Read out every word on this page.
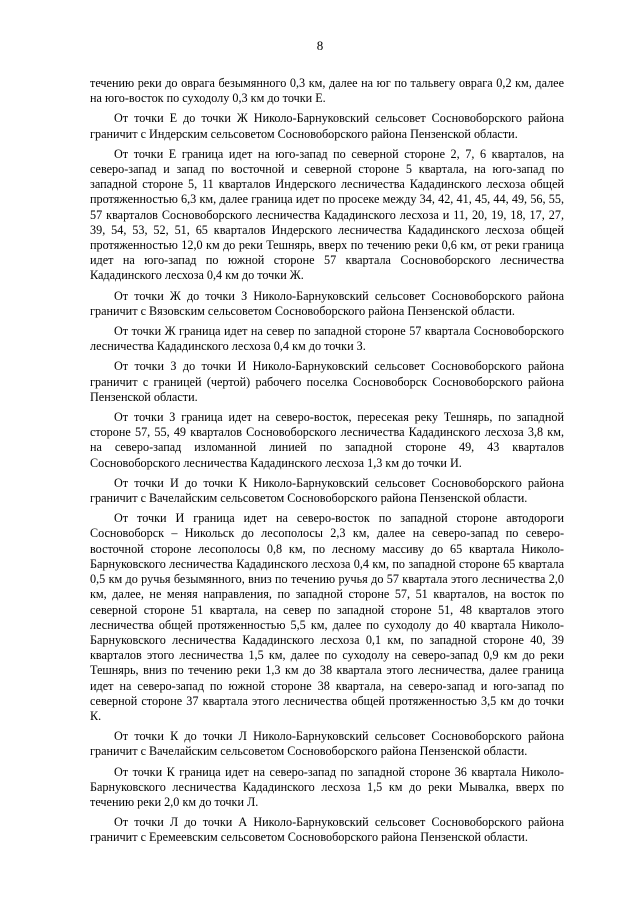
8

течению реки до оврага безымянного 0,3 км, далее на юг по тальвегу оврага 0,2 км, далее на юго-восток по суходолу 0,3 км до точки Е.

От точки Е до точки Ж Николо-Барнуковский сельсовет Сосновоборского района граничит с Индерским сельсоветом Сосновоборского района Пензенской области.

От точки Е граница идет на юго-запад по северной стороне 2, 7, 6 кварталов, на северо-запад и запад по восточной и северной стороне 5 квартала, на юго-запад по западной стороне 5, 11 кварталов Индерского лесничества Кададинского лесхоза общей протяженностью 6,3 км, далее граница идет по просеке между 34, 42, 41, 45, 44, 49, 56, 55, 57 кварталов Сосновоборского лесничества Кададинского лесхоза и 11, 20, 19, 18, 17, 27, 39, 54, 53, 52, 51, 65 кварталов Индерского лесничества Кададинского лесхоза общей протяженностью 12,0 км до реки Тешнярь, вверх по течению реки 0,6 км, от реки граница идет на юго-запад по южной стороне 57 квартала Сосновоборского лесничества Кададинского лесхоза 0,4 км до точки Ж.

От точки Ж до точки З Николо-Барнуковский сельсовет Сосновоборского района граничит с Вязовским сельсоветом Сосновоборского района Пензенской области.

От точки Ж граница идет на север по западной стороне 57 квартала Сосновоборского лесничества Кададинского лесхоза 0,4 км до точки З.

От точки З до точки И Николо-Барнуковский сельсовет Сосновоборского района граничит с границей (чертой) рабочего поселка Сосновоборск Сосновоборского района Пензенской области.

От точки З граница идет на северо-восток, пересекая реку Тешнярь, по западной стороне 57, 55, 49 кварталов Сосновоборского лесничества Кададинского лесхоза 3,8 км, на северо-запад изломанной линией по западной стороне 49, 43 кварталов Сосновоборского лесничества Кададинского лесхоза 1,3 км до точки И.

От точки И до точки К Николо-Барнуковский сельсовет Сосновоборского района граничит с Вачелайским сельсоветом Сосновоборского района Пензенской области.

От точки И граница идет на северо-восток по западной стороне автодороги Сосновоборск – Никольск до лесополосы 2,3 км, далее на северо-запад по северо-восточной стороне лесополосы 0,8 км, по лесному массиву до 65 квартала Николо-Барнуковского лесничества Кададинского лесхоза 0,4 км, по западной стороне 65 квартала 0,5 км до ручья безымянного, вниз по течению ручья до 57 квартала этого лесничества 2,0 км, далее, не меняя направления, по западной стороне 57, 51 кварталов, на восток по северной стороне 51 квартала, на север по западной стороне 51, 48 кварталов этого лесничества общей протяженностью 5,5 км, далее по суходолу до 40 квартала Николо-Барнуковского лесничества Кададинского лесхоза 0,1 км, по западной стороне 40, 39 кварталов этого лесничества 1,5 км, далее по суходолу на северо-запад 0,9 км до реки Тешнярь, вниз по течению реки 1,3 км до 38 квартала этого лесничества, далее граница идет на северо-запад по южной стороне 38 квартала, на северо-запад и юго-запад по северной стороне 37 квартала этого лесничества общей протяженностью 3,5 км до точки К.

От точки К до точки Л Николо-Барнуковский сельсовет Сосновоборского района граничит с Вачелайским сельсоветом Сосновоборского района Пензенской области.

От точки К граница идет на северо-запад по западной стороне 36 квартала Николо-Барнуковского лесничества Кададинского лесхоза 1,5 км до реки Мывалка, вверх по течению реки 2,0 км до точки Л.

От точки Л до точки А Николо-Барнуковский сельсовет Сосновоборского района граничит с Еремеевским сельсоветом Сосновоборского района Пензенской области.
